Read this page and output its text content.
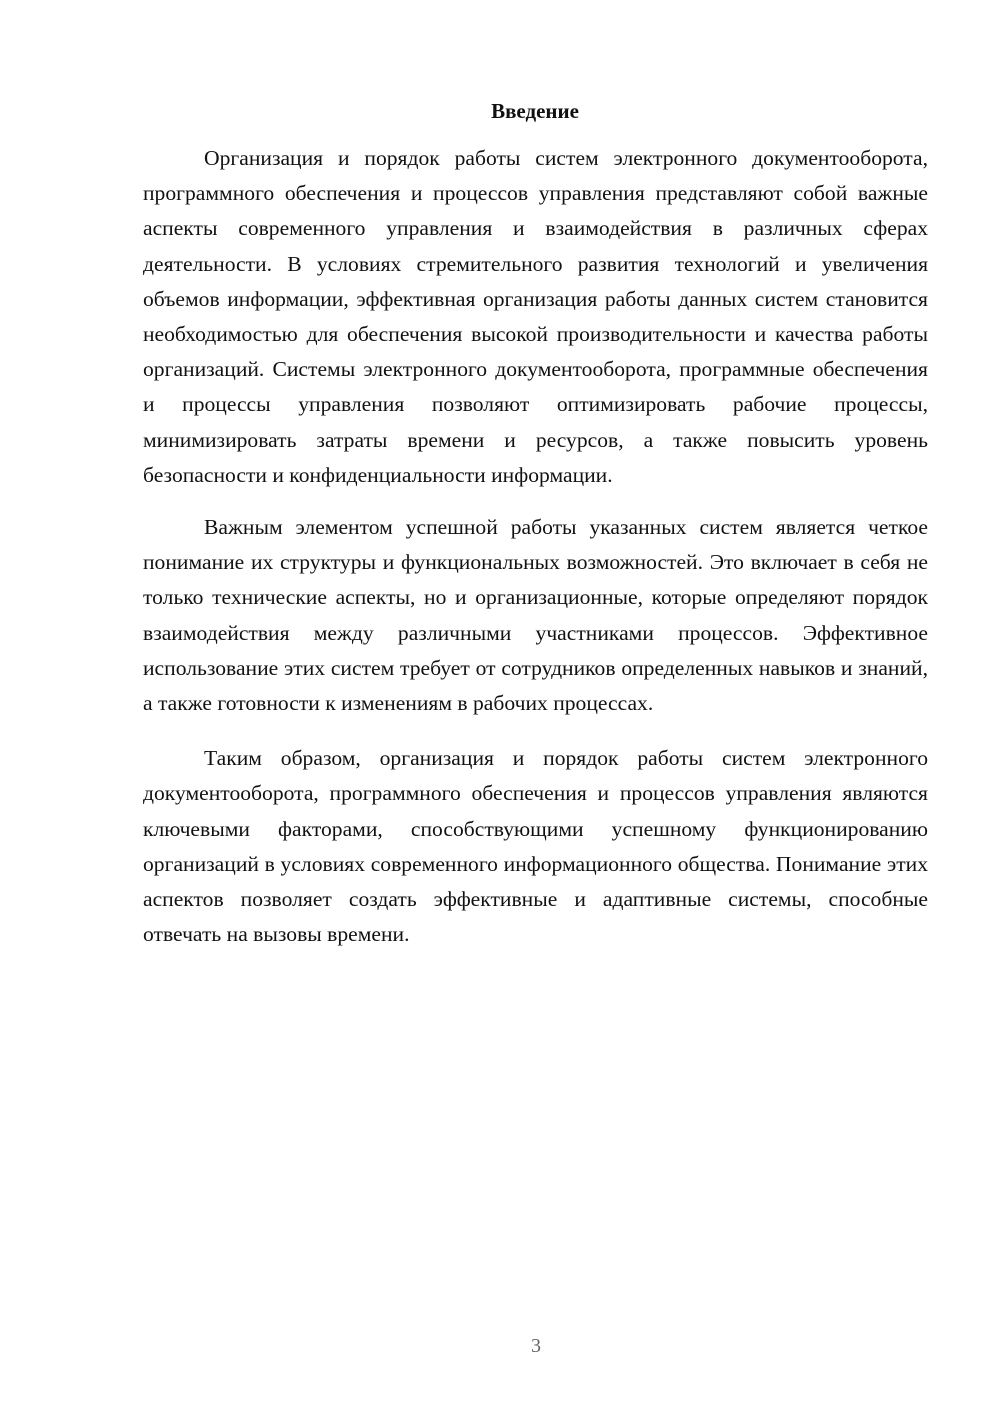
Введение

Организация и порядок работы систем электронного документооборота, программного обеспечения и процессов управления представляют собой важные аспекты современного управления и взаимодействия в различных сферах деятельности. В условиях стремительного развития технологий и увеличения объемов информации, эффективная организация работы данных систем становится необходимостью для обеспечения высокой производительности и качества работы организаций. Системы электронного документооборота, программные обеспечения и процессы управления позволяют оптимизировать рабочие процессы, минимизировать затраты времени и ресурсов, а также повысить уровень безопасности и конфиденциальности информации.

Важным элементом успешной работы указанных систем является четкое понимание их структуры и функциональных возможностей. Это включает в себя не только технические аспекты, но и организационные, которые определяют порядок взаимодействия между различными участниками процессов. Эффективное использование этих систем требует от сотрудников определенных навыков и знаний, а также готовности к изменениям в рабочих процессах.

Таким образом, организация и порядок работы систем электронного документооборота, программного обеспечения и процессов управления являются ключевыми факторами, способствующими успешному функционированию организаций в условиях современного информационного общества. Понимание этих аспектов позволяет создать эффективные и адаптивные системы, способные отвечать на вызовы времени.

3
